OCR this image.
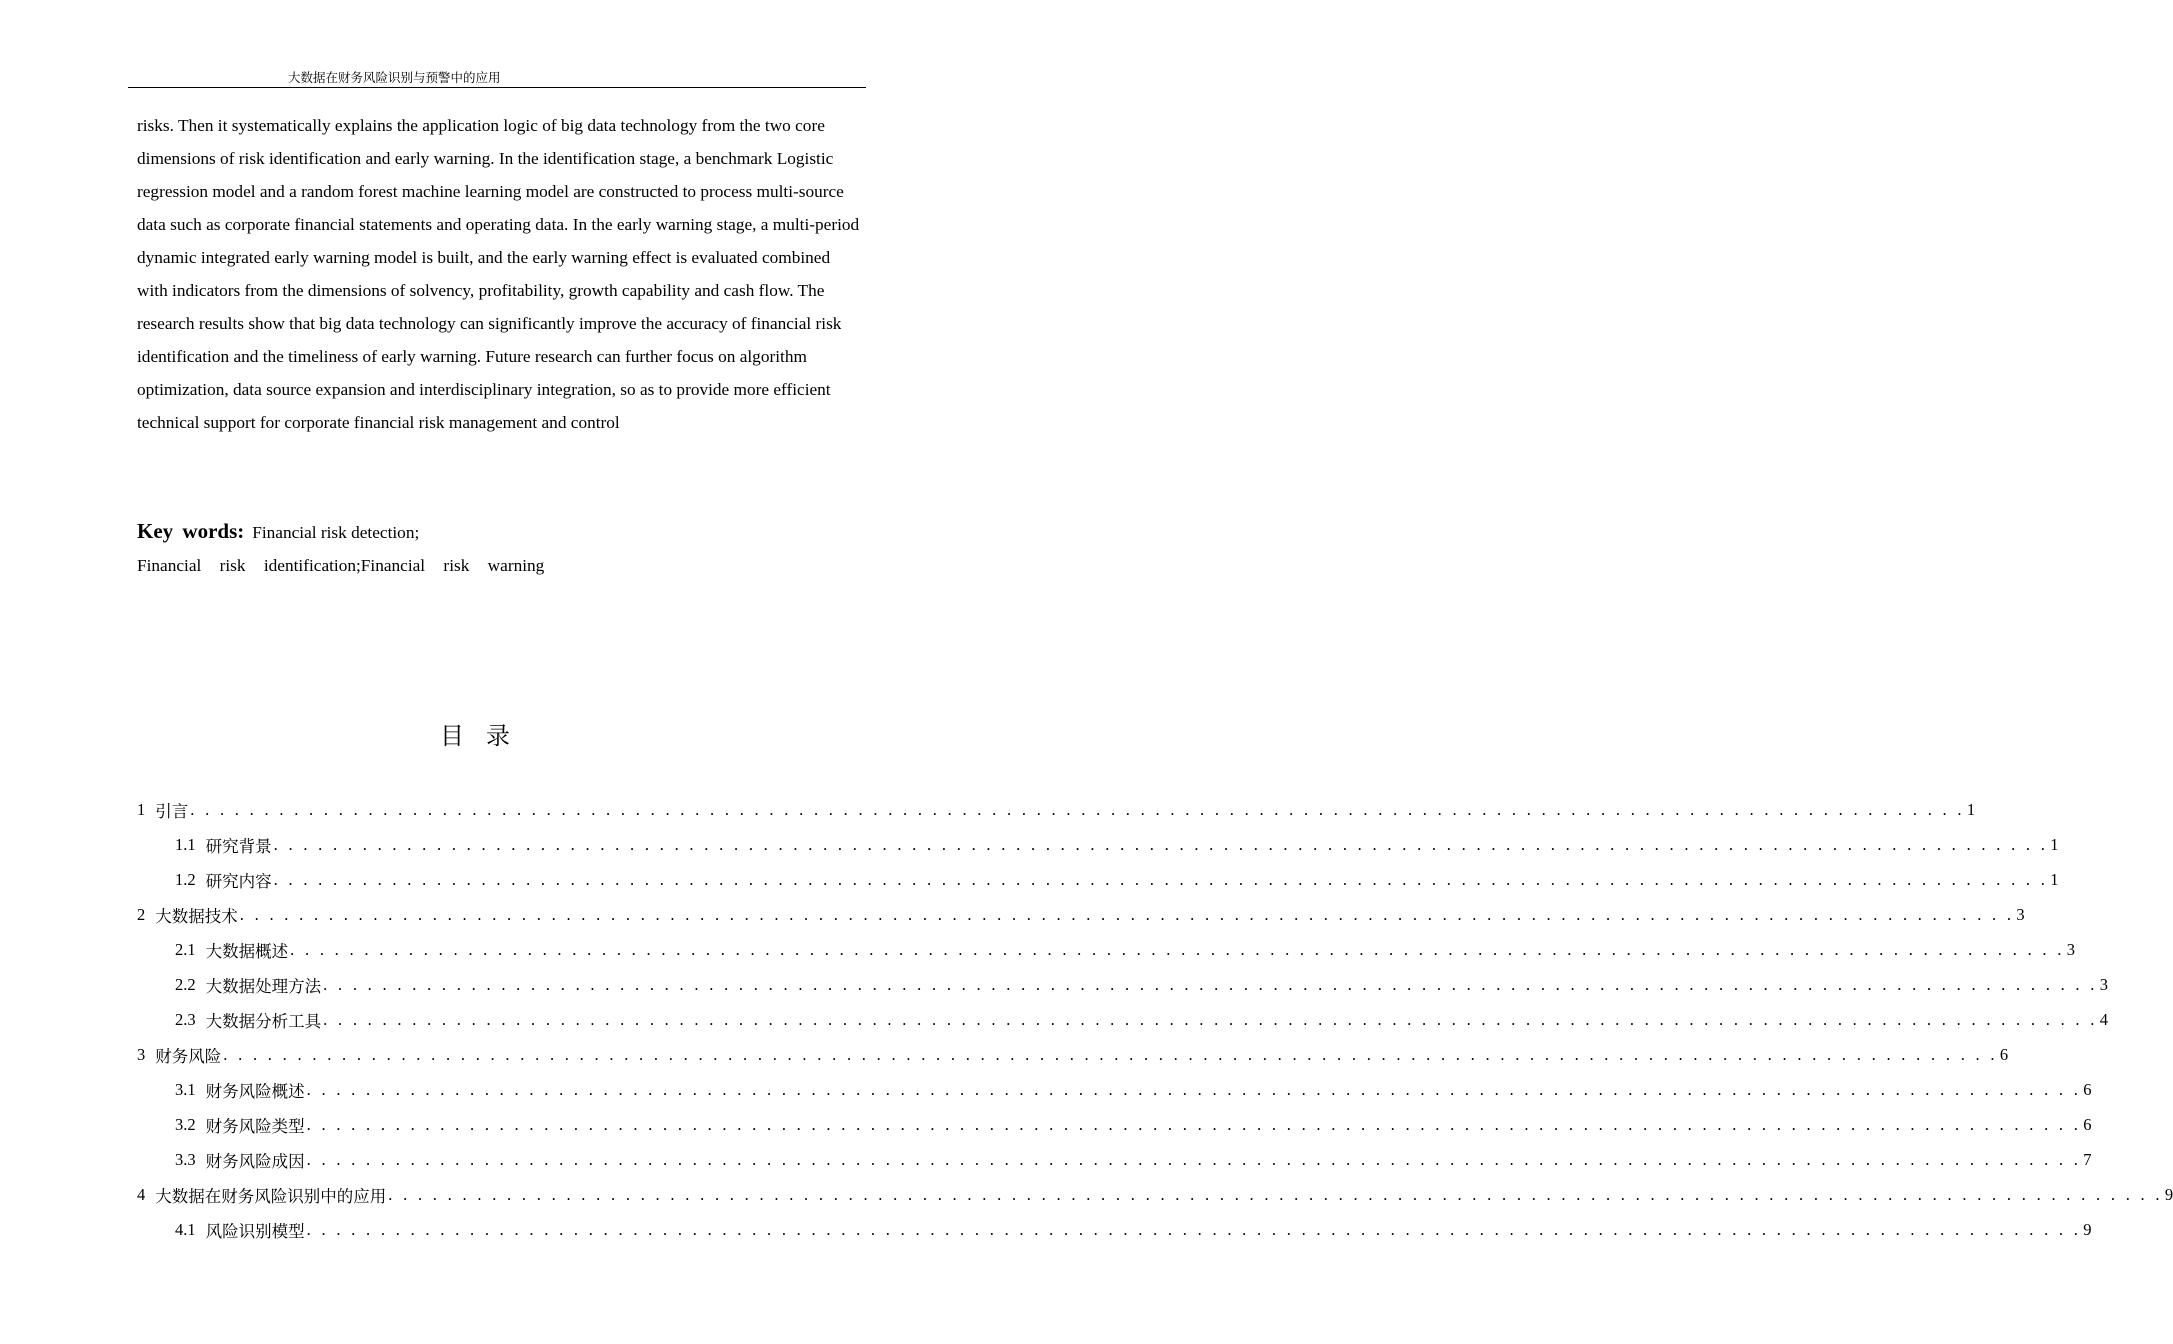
大数据在财务风险识别与预警中的应用

risks. Then it systematically explains the application logic of big data technology from the two core dimensions of risk identification and early warning. In the identification stage, a benchmark Logistic regression model and a random forest machine learning model are constructed to process multi-source data such as corporate financial statements and operating data. In the early warning stage, a multi-period dynamic integrated early warning model is built, and the early warning effect is evaluated combined with indicators from the dimensions of solvency, profitability, growth capability and cash flow. The research results show that big data technology can significantly improve the accuracy of financial risk identification and the timeliness of early warning. Future research can further focus on algorithm optimization, data source expansion and interdisciplinary integration, so as to provide more efficient technical support for corporate financial risk management and control

Key words: Financial risk detection;
Financial risk identification;Financial risk warning
目录
1 引言 . . . . . . . . . . . . . . . . . . . . . . . . . . . . . . . . . . . . . . . . . . . . . . . . . . . . . . . . . . . . . . . . . . . . . . . . . . . . . . . . . . . . . . . . . . . . . . . . . . . . . . . . . . . . . . . . . . . . . . . . 1
1.1 研究背景 . . . . . . . . . . . . . . . . . . . . . . . . . . . . . . . . . . . . . . . . . . . . . . . . . . . . . . . . . . . . . . . . . . . . . . . . . . . . . . . . . . . . . . . . . . . . . . . . . . . . . . . . . . . . . . . . . . . . . . . . 1
1.2 研究内容 . . . . . . . . . . . . . . . . . . . . . . . . . . . . . . . . . . . . . . . . . . . . . . . . . . . . . . . . . . . . . . . . . . . . . . . . . . . . . . . . . . . . . . . . . . . . . . . . . . . . . . . . . . . . . . . . . . . . . . . . 1
2 大数据技术 . . . . . . . . . . . . . . . . . . . . . . . . . . . . . . . . . . . . . . . . . . . . . . . . . . . . . . . . . . . . . . . . . . . . . . . . . . . . . . . . . . . . . . . . . . . . . . . . . . . . . . . . . . . . . . . . . . . . . . . . 3
2.1 大数据概述 . . . . . . . . . . . . . . . . . . . . . . . . . . . . . . . . . . . . . . . . . . . . . . . . . . . . . . . . . . . . . . . . . . . . . . . . . . . . . . . . . . . . . . . . . . . . . . . . . . . . . . . . . . . . . . . . . . . . . . . . 3
2.2 大数据处理方法 . . . . . . . . . . . . . . . . . . . . . . . . . . . . . . . . . . . . . . . . . . . . . . . . . . . . . . . . . . . . . . . . . . . . . . . . . . . . . . . . . . . . . . . . . . . . . . . . . . . . . . . . . . . . . . . . . . . . . . . . 3
2.3 大数据分析工具 . . . . . . . . . . . . . . . . . . . . . . . . . . . . . . . . . . . . . . . . . . . . . . . . . . . . . . . . . . . . . . . . . . . . . . . . . . . . . . . . . . . . . . . . . . . . . . . . . . . . . . . . . . . . . . . . . . . . . . . . 4
3 财务风险 . . . . . . . . . . . . . . . . . . . . . . . . . . . . . . . . . . . . . . . . . . . . . . . . . . . . . . . . . . . . . . . . . . . . . . . . . . . . . . . . . . . . . . . . . . . . . . . . . . . . . . . . . . . . . . . . . . . . . . . . 6
3.1 财务风险概述 . . . . . . . . . . . . . . . . . . . . . . . . . . . . . . . . . . . . . . . . . . . . . . . . . . . . . . . . . . . . . . . . . . . . . . . . . . . . . . . . . . . . . . . . . . . . . . . . . . . . . . . . . . . . . . . . . . . . . . . . 6
3.2 财务风险类型 . . . . . . . . . . . . . . . . . . . . . . . . . . . . . . . . . . . . . . . . . . . . . . . . . . . . . . . . . . . . . . . . . . . . . . . . . . . . . . . . . . . . . . . . . . . . . . . . . . . . . . . . . . . . . . . . . . . . . . . . 6
3.3 财务风险成因 . . . . . . . . . . . . . . . . . . . . . . . . . . . . . . . . . . . . . . . . . . . . . . . . . . . . . . . . . . . . . . . . . . . . . . . . . . . . . . . . . . . . . . . . . . . . . . . . . . . . . . . . . . . . . . . . . . . . . . . . 7
4 大数据在财务风险识别中的应用 . . . . . . . . . . . . . . . . . . . . . . . . . . . . . . . . . . . . . . . . . . . . . . . . . . . . . . . . . . . . . . . . . . . . . . . . . . . . . . . . . . . . . . . . . . . . . . . . . . . . . . . . . . . . . . . . . . . . . . . . 9
4.1 风险识别模型 . . . . . . . . . . . . . . . . . . . . . . . . . . . . . . . . . . . . . . . . . . . . . . . . . . . . . . . . . . . . . . . . . . . . . . . . . . . . . . . . . . . . . . . . . . . . . . . . . . . . . . . . . . . . . . . . . . . . . . . . 9
